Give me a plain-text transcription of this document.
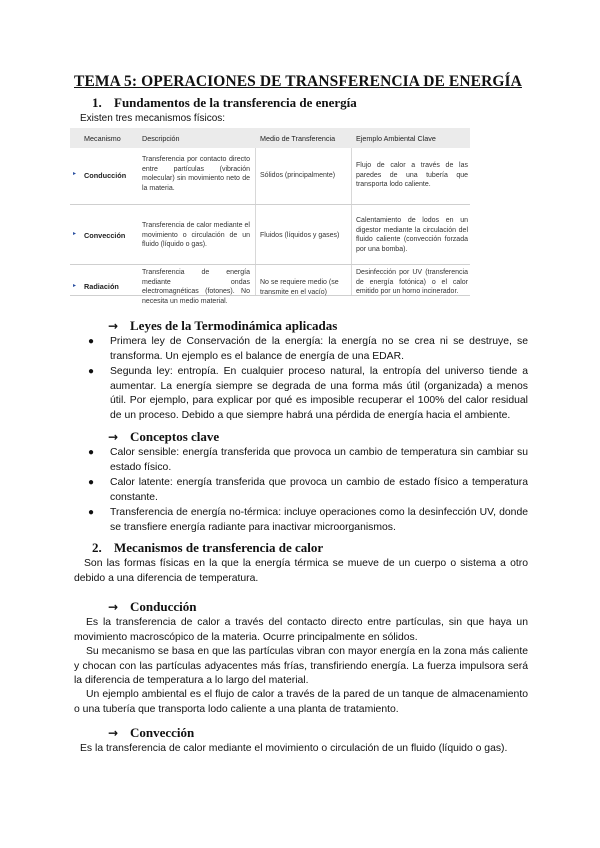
TEMA 5: OPERACIONES DE TRANSFERENCIA DE ENERGÍA
1. Fundamentos de la transferencia de energía
Existen tres mecanismos físicos:
Mecanismo	Descripción	Medio de Transferencia	Ejemplo Ambiental Clave
▸ Conducción
Transferencia por contacto directo entre partículas (vibración molecular) sin movimiento neto de la materia.
Sólidos (principalmente)
Flujo de calor a través de las paredes de una tubería que transporta lodo caliente.
▸ Convección
Transferencia de calor mediante el movimiento o circulación de un fluido (líquido o gas).
Fluidos (líquidos y gases)
Calentamiento de lodos en un digestor mediante la circulación del fluido caliente (convección forzada por una bomba).
▸ Radiación
Transferencia de energía mediante ondas electromagnéticas (fotones). No necesita un medio material.
No se requiere medio (se transmite en el vacío)
Desinfección por UV (transferencia de energía fotónica) o el calor emitido por un horno incinerador.
→ Leyes de la Termodinámica aplicadas

● Primera ley de Conservación de la energía: la energía no se crea ni se destruye, se transforma. Un ejemplo es el balance de energía de una EDAR.

● Segunda ley: entropía. En cualquier proceso natural, la entropía del universo tiende a aumentar. La energía siempre se degrada de una forma más útil (organizada) a menos útil. Por ejemplo, para explicar por qué es imposible recuperar el 100% del calor residual de un proceso. Debido a que siempre habrá una pérdida de energía hacia el ambiente.

→ Conceptos clave

● Calor sensible: energía transferida que provoca un cambio de temperatura sin cambiar su estado físico.

● Calor latente: energía transferida que provoca un cambio de estado físico a temperatura constante.

● Transferencia de energía no-térmica: incluye operaciones como la desinfección UV, donde se transfiere energía radiante para inactivar microorganismos.

2. Mecanismos de transferencia de calor
Son las formas físicas en la que la energía térmica se mueve de un cuerpo o sistema a otro debido a una diferencia de temperatura.
→ Conducción
Es la transferencia de calor a través del contacto directo entre partículas, sin que haya un movimiento macroscópico de la materia. Ocurre principalmente en sólidos.
Su mecanismo se basa en que las partículas vibran con mayor energía en la zona más caliente y chocan con las partículas adyacentes más frías, transfiriendo energía. La fuerza impulsora será la diferencia de temperatura a lo largo del material.
Un ejemplo ambiental es el flujo de calor a través de la pared de un tanque de almacenamiento o una tubería que transporta lodo caliente a una planta de tratamiento.
→ Convección
Es la transferencia de calor mediante el movimiento o circulación de un fluido (líquido o gas).
